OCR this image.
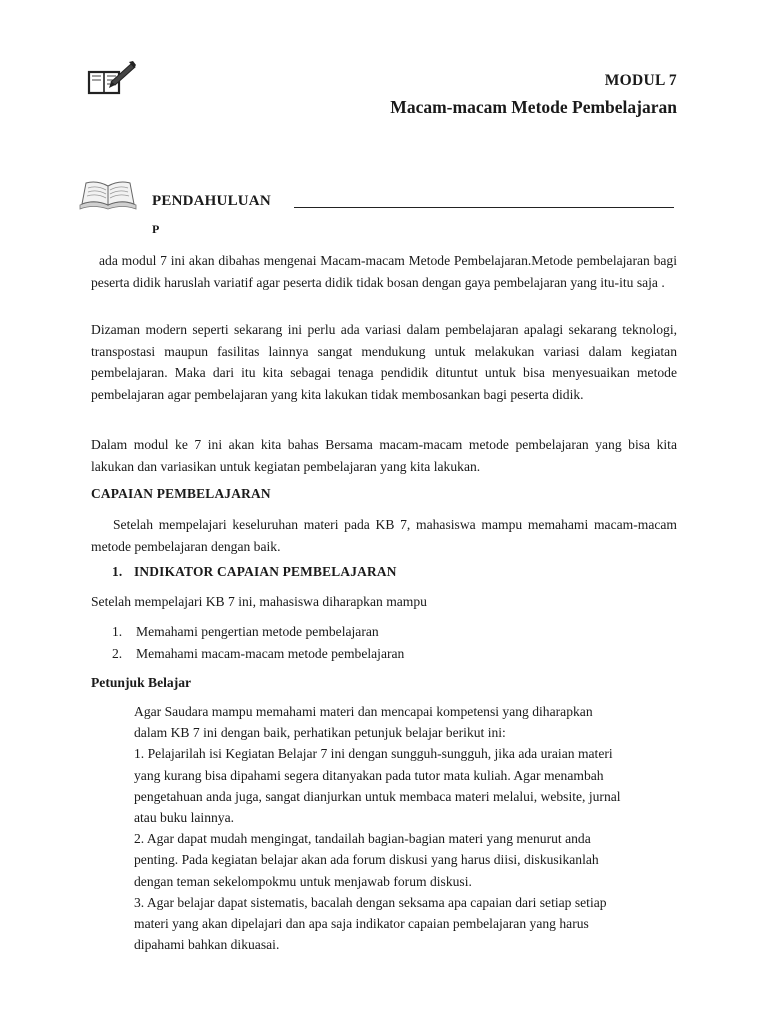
MODUL 7
Macam-macam Metode Pembelajaran
PENDAHULUAN
P

ada modul 7 ini akan dibahas mengenai Macam-macam Metode Pembelajaran.Metode pembelajaran bagi peserta didik haruslah variatif agar peserta didik tidak bosan dengan gaya pembelajaran yang itu-itu saja .

Dizaman modern seperti sekarang ini perlu ada variasi dalam pembelajaran apalagi sekarang teknologi, transpostasi maupun fasilitas lainnya sangat mendukung untuk melakukan variasi dalam kegiatan pembelajaran. Maka dari itu kita sebagai tenaga pendidik dituntut untuk bisa menyesuaikan metode pembelajaran agar pembelajaran yang kita lakukan tidak membosankan bagi peserta didik.

Dalam modul ke 7 ini akan kita bahas Bersama macam-macam metode pembelajaran yang bisa kita lakukan dan variasikan untuk kegiatan pembelajaran yang kita lakukan.

CAPAIAN PEMBELAJARAN

Setelah mempelajari keseluruhan materi pada KB 7, mahasiswa mampu memahami macam-macam metode pembelajaran dengan baik.

1. INDIKATOR CAPAIAN PEMBELAJARAN
Setelah mempelajari KB 7 ini, mahasiswa diharapkan mampu
1. Memahami pengertian metode pembelajaran
2. Memahami macam-macam metode pembelajaran
Petunjuk Belajar
Agar Saudara mampu memahami materi dan mencapai kompetensi yang diharapkan
dalam KB 7 ini dengan baik, perhatikan petunjuk belajar berikut ini:
1. Pelajarilah isi Kegiatan Belajar 7 ini dengan sungguh-sungguh, jika ada uraian materi
yang kurang bisa dipahami segera ditanyakan pada tutor mata kuliah. Agar menambah
pengetahuan anda juga, sangat dianjurkan untuk membaca materi melalui, website, jurnal
atau buku lainnya.
2. Agar dapat mudah mengingat, tandailah bagian-bagian materi yang menurut anda
penting. Pada kegiatan belajar akan ada forum diskusi yang harus diisi, diskusikanlah
dengan teman sekelompokmu untuk menjawab forum diskusi.
3. Agar belajar dapat sistematis, bacalah dengan seksama apa capaian dari setiap setiap
materi yang akan dipelajari dan apa saja indikator capaian pembelajaran yang harus
dipahami bahkan dikuasai.
